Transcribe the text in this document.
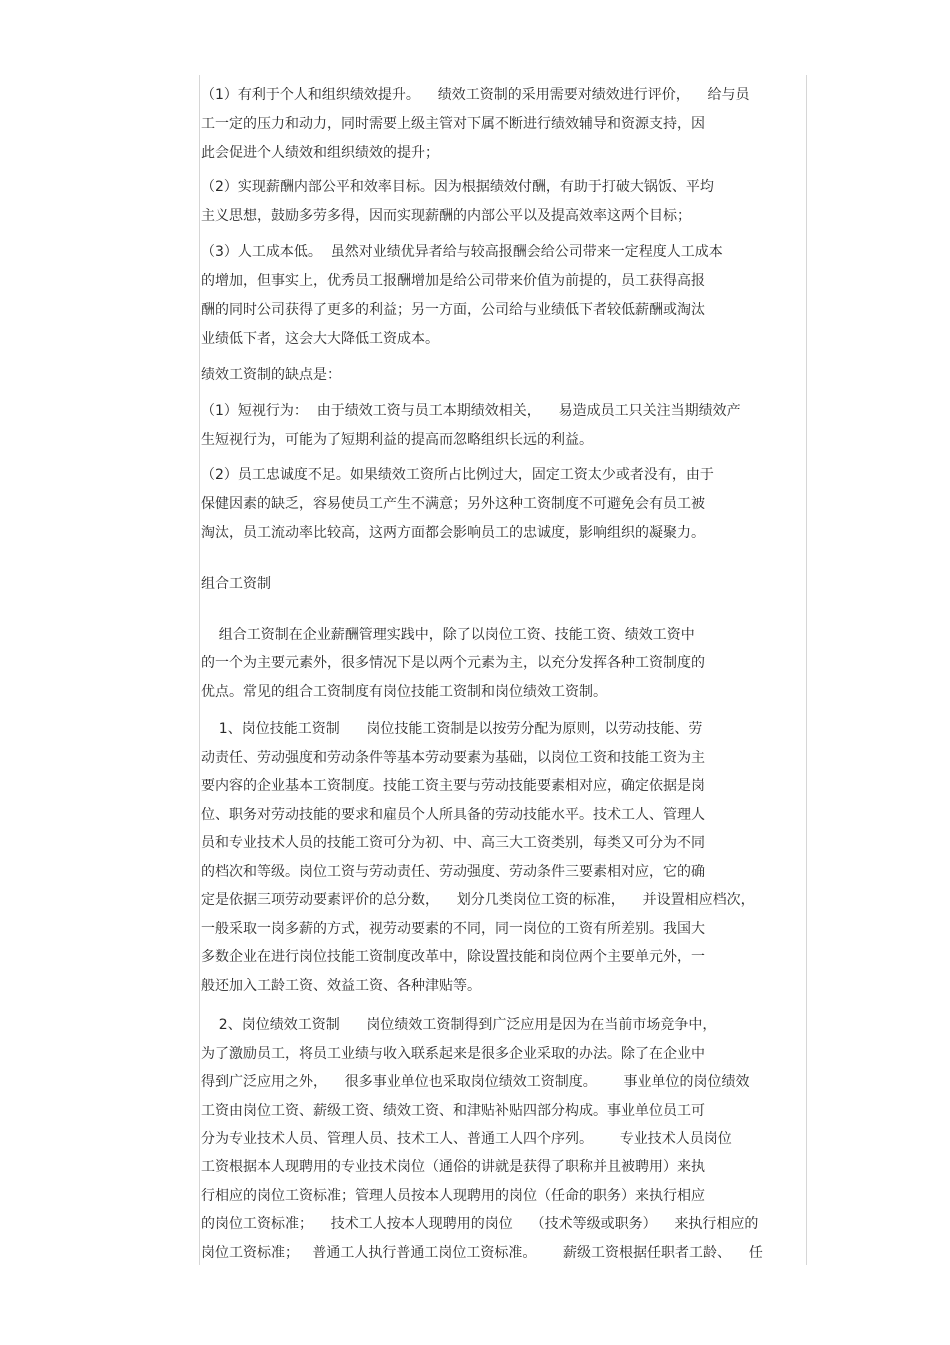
（1）有利于个人和组织绩效提升。    绩效工资制的采用需要对绩效进行评价，    给与员
工一定的压力和动力，同时需要上级主管对下属不断进行绩效辅导和资源支持，因
此会促进个人绩效和组织绩效的提升；
（2）实现薪酬内部公平和效率目标。因为根据绩效付酬，有助于打破大锅饭、平均
主义思想，鼓励多劳多得，因而实现薪酬的内部公平以及提高效率这两个目标；
（3）人工成本低。  虽然对业绩优异者给与较高报酬会给公司带来一定程度人工成本
的增加，但事实上，优秀员工报酬增加是给公司带来价值为前提的，员工获得高报
酬的同时公司获得了更多的利益；另一方面，公司给与业绩低下者较低薪酬或淘汰
业绩低下者，这会大大降低工资成本。
绩效工资制的缺点是：
（1）短视行为：  由于绩效工资与员工本期绩效相关，    易造成员工只关注当期绩效产
生短视行为，可能为了短期利益的提高而忽略组织长远的利益。
（2）员工忠诚度不足。如果绩效工资所占比例过大，固定工资太少或者没有，由于
保健因素的缺乏，容易使员工产生不满意；另外这种工资制度不可避免会有员工被
淘汰，员工流动率比较高，这两方面都会影响员工的忠诚度，影响组织的凝聚力。
组合工资制
组合工资制在企业薪酬管理实践中，除了以岗位工资、技能工资、绩效工资中
的一个为主要元素外，很多情况下是以两个元素为主，以充分发挥各种工资制度的
优点。常见的组合工资制度有岗位技能工资制和岗位绩效工资制。
1、岗位技能工资制      岗位技能工资制是以按劳分配为原则，以劳动技能、劳
动责任、劳动强度和劳动条件等基本劳动要素为基础，以岗位工资和技能工资为主
要内容的企业基本工资制度。技能工资主要与劳动技能要素相对应，确定依据是岗
位、职务对劳动技能的要求和雇员个人所具备的劳动技能水平。技术工人、管理人
员和专业技术人员的技能工资可分为初、中、高三大工资类别，每类又可分为不同
的档次和等级。岗位工资与劳动责任、劳动强度、劳动条件三要素相对应，它的确
定是依据三项劳动要素评价的总分数，    划分几类岗位工资的标准，    并设置相应档次，
一般采取一岗多薪的方式，视劳动要素的不同，同一岗位的工资有所差别。我国大
多数企业在进行岗位技能工资制度改革中，除设置技能和岗位两个主要单元外，一
般还加入工龄工资、效益工资、各种津贴等。
2、岗位绩效工资制      岗位绩效工资制得到广泛应用是因为在当前市场竞争中，
为了激励员工，将员工业绩与收入联系起来是很多企业采取的办法。除了在企业中
得到广泛应用之外，    很多事业单位也采取岗位绩效工资制度。      事业单位的岗位绩效
工资由岗位工资、薪级工资、绩效工资、和津贴补贴四部分构成。事业单位员工可
分为专业技术人员、管理人员、技术工人、普通工人四个序列。      专业技术人员岗位
工资根据本人现聘用的专业技术岗位（通俗的讲就是获得了职称并且被聘用）来执
行相应的岗位工资标准；管理人员按本人现聘用的岗位（任命的职务）来执行相应
的岗位工资标准；    技术工人按本人现聘用的岗位    （技术等级或职务）    来执行相应的
岗位工资标准；   普通工人执行普通工岗位工资标准。      薪级工资根据任职者工龄、    任
